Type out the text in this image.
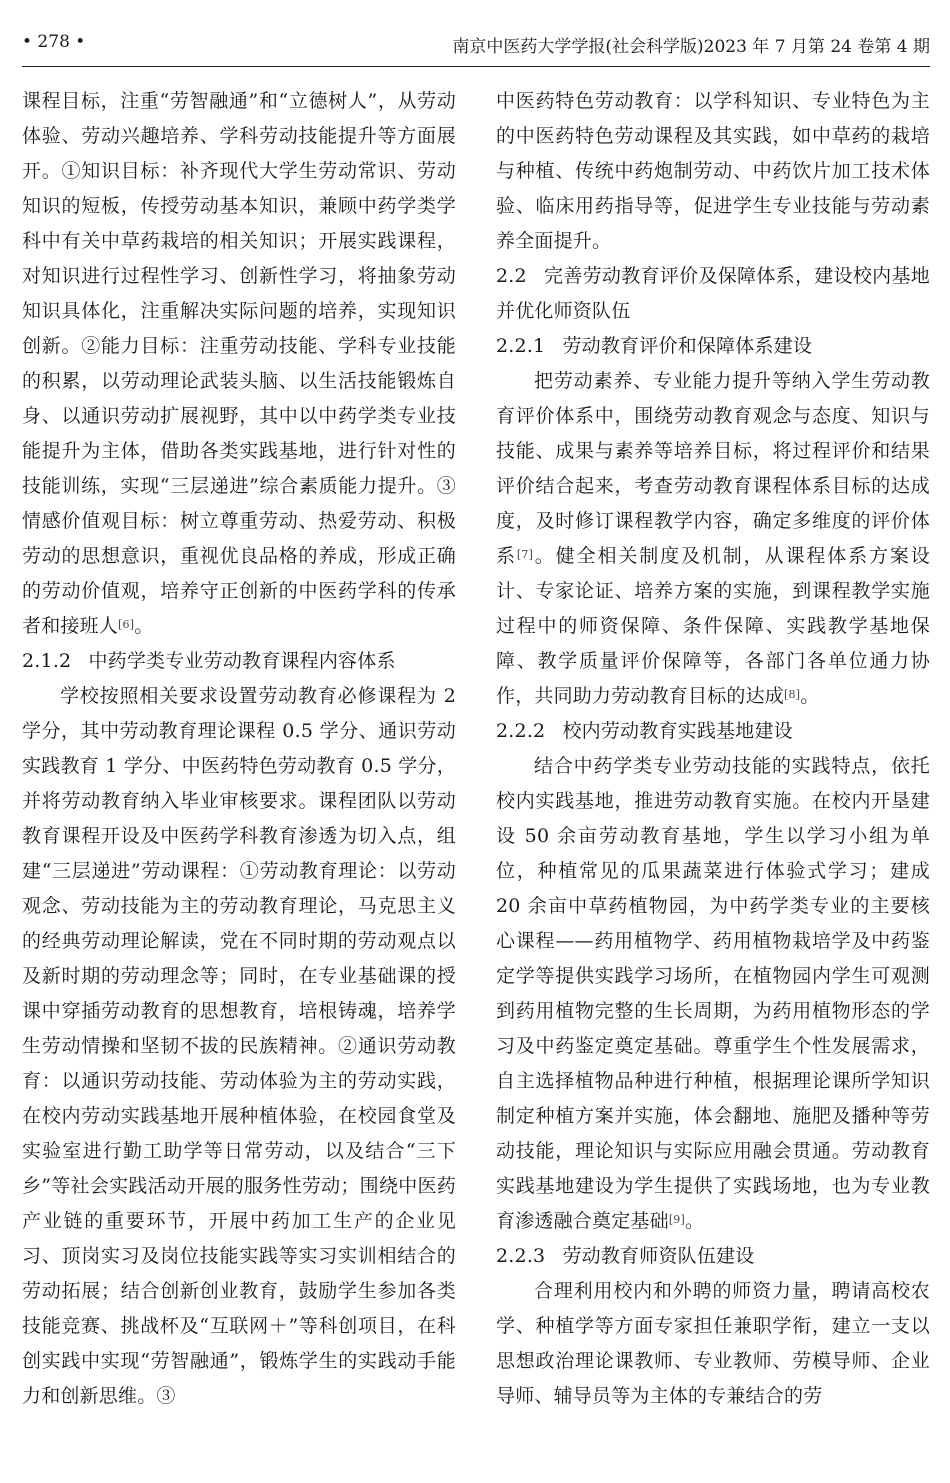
• 278 •	南京中医药大学学报(社会科学版)2023 年 7 月第 24 卷第 4 期

课程目标，注重“劳智融通”和“立德树人”，从劳动体验、劳动兴趣培养、学科劳动技能提升等方面展开。①知识目标：补齐现代大学生劳动常识、劳动知识的短板，传授劳动基本知识，兼顾中药学类学科中有关中草药栽培的相关知识；开展实践课程，对知识进行过程性学习、创新性学习，将抽象劳动知识具体化，注重解决实际问题的培养，实现知识创新。②能力目标：注重劳动技能、学科专业技能的积累，以劳动理论武装头脑、以生活技能锻炼自身、以通识劳动扩展视野，其中以中药学类专业技能提升为主体，借助各类实践基地，进行针对性的技能训练，实现“三层递进”综合素质能力提升。③情感价值观目标：树立尊重劳动、热爱劳动、积极劳动的思想意识，重视优良品格的养成，形成正确的劳动价值观，培养守正创新的中医药学科的传承者和接班人[6]。

2.1.2 中药学类专业劳动教育课程内容体系

学校按照相关要求设置劳动教育必修课程为 2 学分，其中劳动教育理论课程 0.5 学分、通识劳动实践教育 1 学分、中医药特色劳动教育 0.5 学分，并将劳动教育纳入毕业审核要求。课程团队以劳动教育课程开设及中医药学科教育渗透为切入点，组建“三层递进”劳动课程：①劳动教育理论：以劳动观念、劳动技能为主的劳动教育理论，马克思主义的经典劳动理论解读，党在不同时期的劳动观点以及新时期的劳动理念等；同时，在专业基础课的授课中穿插劳动教育的思想教育，培根铸魂，培养学生劳动情操和坚韧不拔的民族精神。②通识劳动教育：以通识劳动技能、劳动体验为主的劳动实践，在校内劳动实践基地开展种植体验，在校园食堂及实验室进行勤工助学等日常劳动，以及结合“三下乡”等社会实践活动开展的服务性劳动；围绕中医药产业链的重要环节，开展中药加工生产的企业见习、顶岗实习及岗位技能实践等实习实训相结合的劳动拓展；结合创新创业教育，鼓励学生参加各类技能竞赛、挑战杯及“互联网＋”等科创项目，在科创实践中实现“劳智融通”，锻炼学生的实践动手能力和创新思维。③

中医药特色劳动教育：以学科知识、专业特色为主的中医药特色劳动课程及其实践，如中草药的栽培与种植、传统中药炮制劳动、中药饮片加工技术体验、临床用药指导等，促进学生专业技能与劳动素养全面提升。

2.2 完善劳动教育评价及保障体系，建设校内基地并优化师资队伍
2.2.1 劳动教育评价和保障体系建设

把劳动素养、专业能力提升等纳入学生劳动教育评价体系中，围绕劳动教育观念与态度、知识与技能、成果与素养等培养目标，将过程评价和结果评价结合起来，考查劳动教育课程体系目标的达成度，及时修订课程教学内容，确定多维度的评价体系[7]。健全相关制度及机制，从课程体系方案设计、专家论证、培养方案的实施，到课程教学实施过程中的师资保障、条件保障、实践教学基地保障、教学质量评价保障等，各部门各单位通力协作，共同助力劳动教育目标的达成[8]。

2.2.2 校内劳动教育实践基地建设

结合中药学类专业劳动技能的实践特点，依托校内实践基地，推进劳动教育实施。在校内开垦建设 50 余亩劳动教育基地，学生以学习小组为单位，种植常见的瓜果蔬菜进行体验式学习；建成 20 余亩中草药植物园，为中药学类专业的主要核心课程——药用植物学、药用植物栽培学及中药鉴定学等提供实践学习场所，在植物园内学生可观测到药用植物完整的生长周期，为药用植物形态的学习及中药鉴定奠定基础。尊重学生个性发展需求，自主选择植物品种进行种植，根据理论课所学知识制定种植方案并实施，体会翻地、施肥及播种等劳动技能，理论知识与实际应用融会贯通。劳动教育实践基地建设为学生提供了实践场地，也为专业教育渗透融合奠定基础[9]。

2.2.3 劳动教育师资队伍建设

合理利用校内和外聘的师资力量，聘请高校农学、种植学等方面专家担任兼职学衔，建立一支以思想政治理论课教师、专业教师、劳模导师、企业导师、辅导员等为主体的专兼结合的劳
